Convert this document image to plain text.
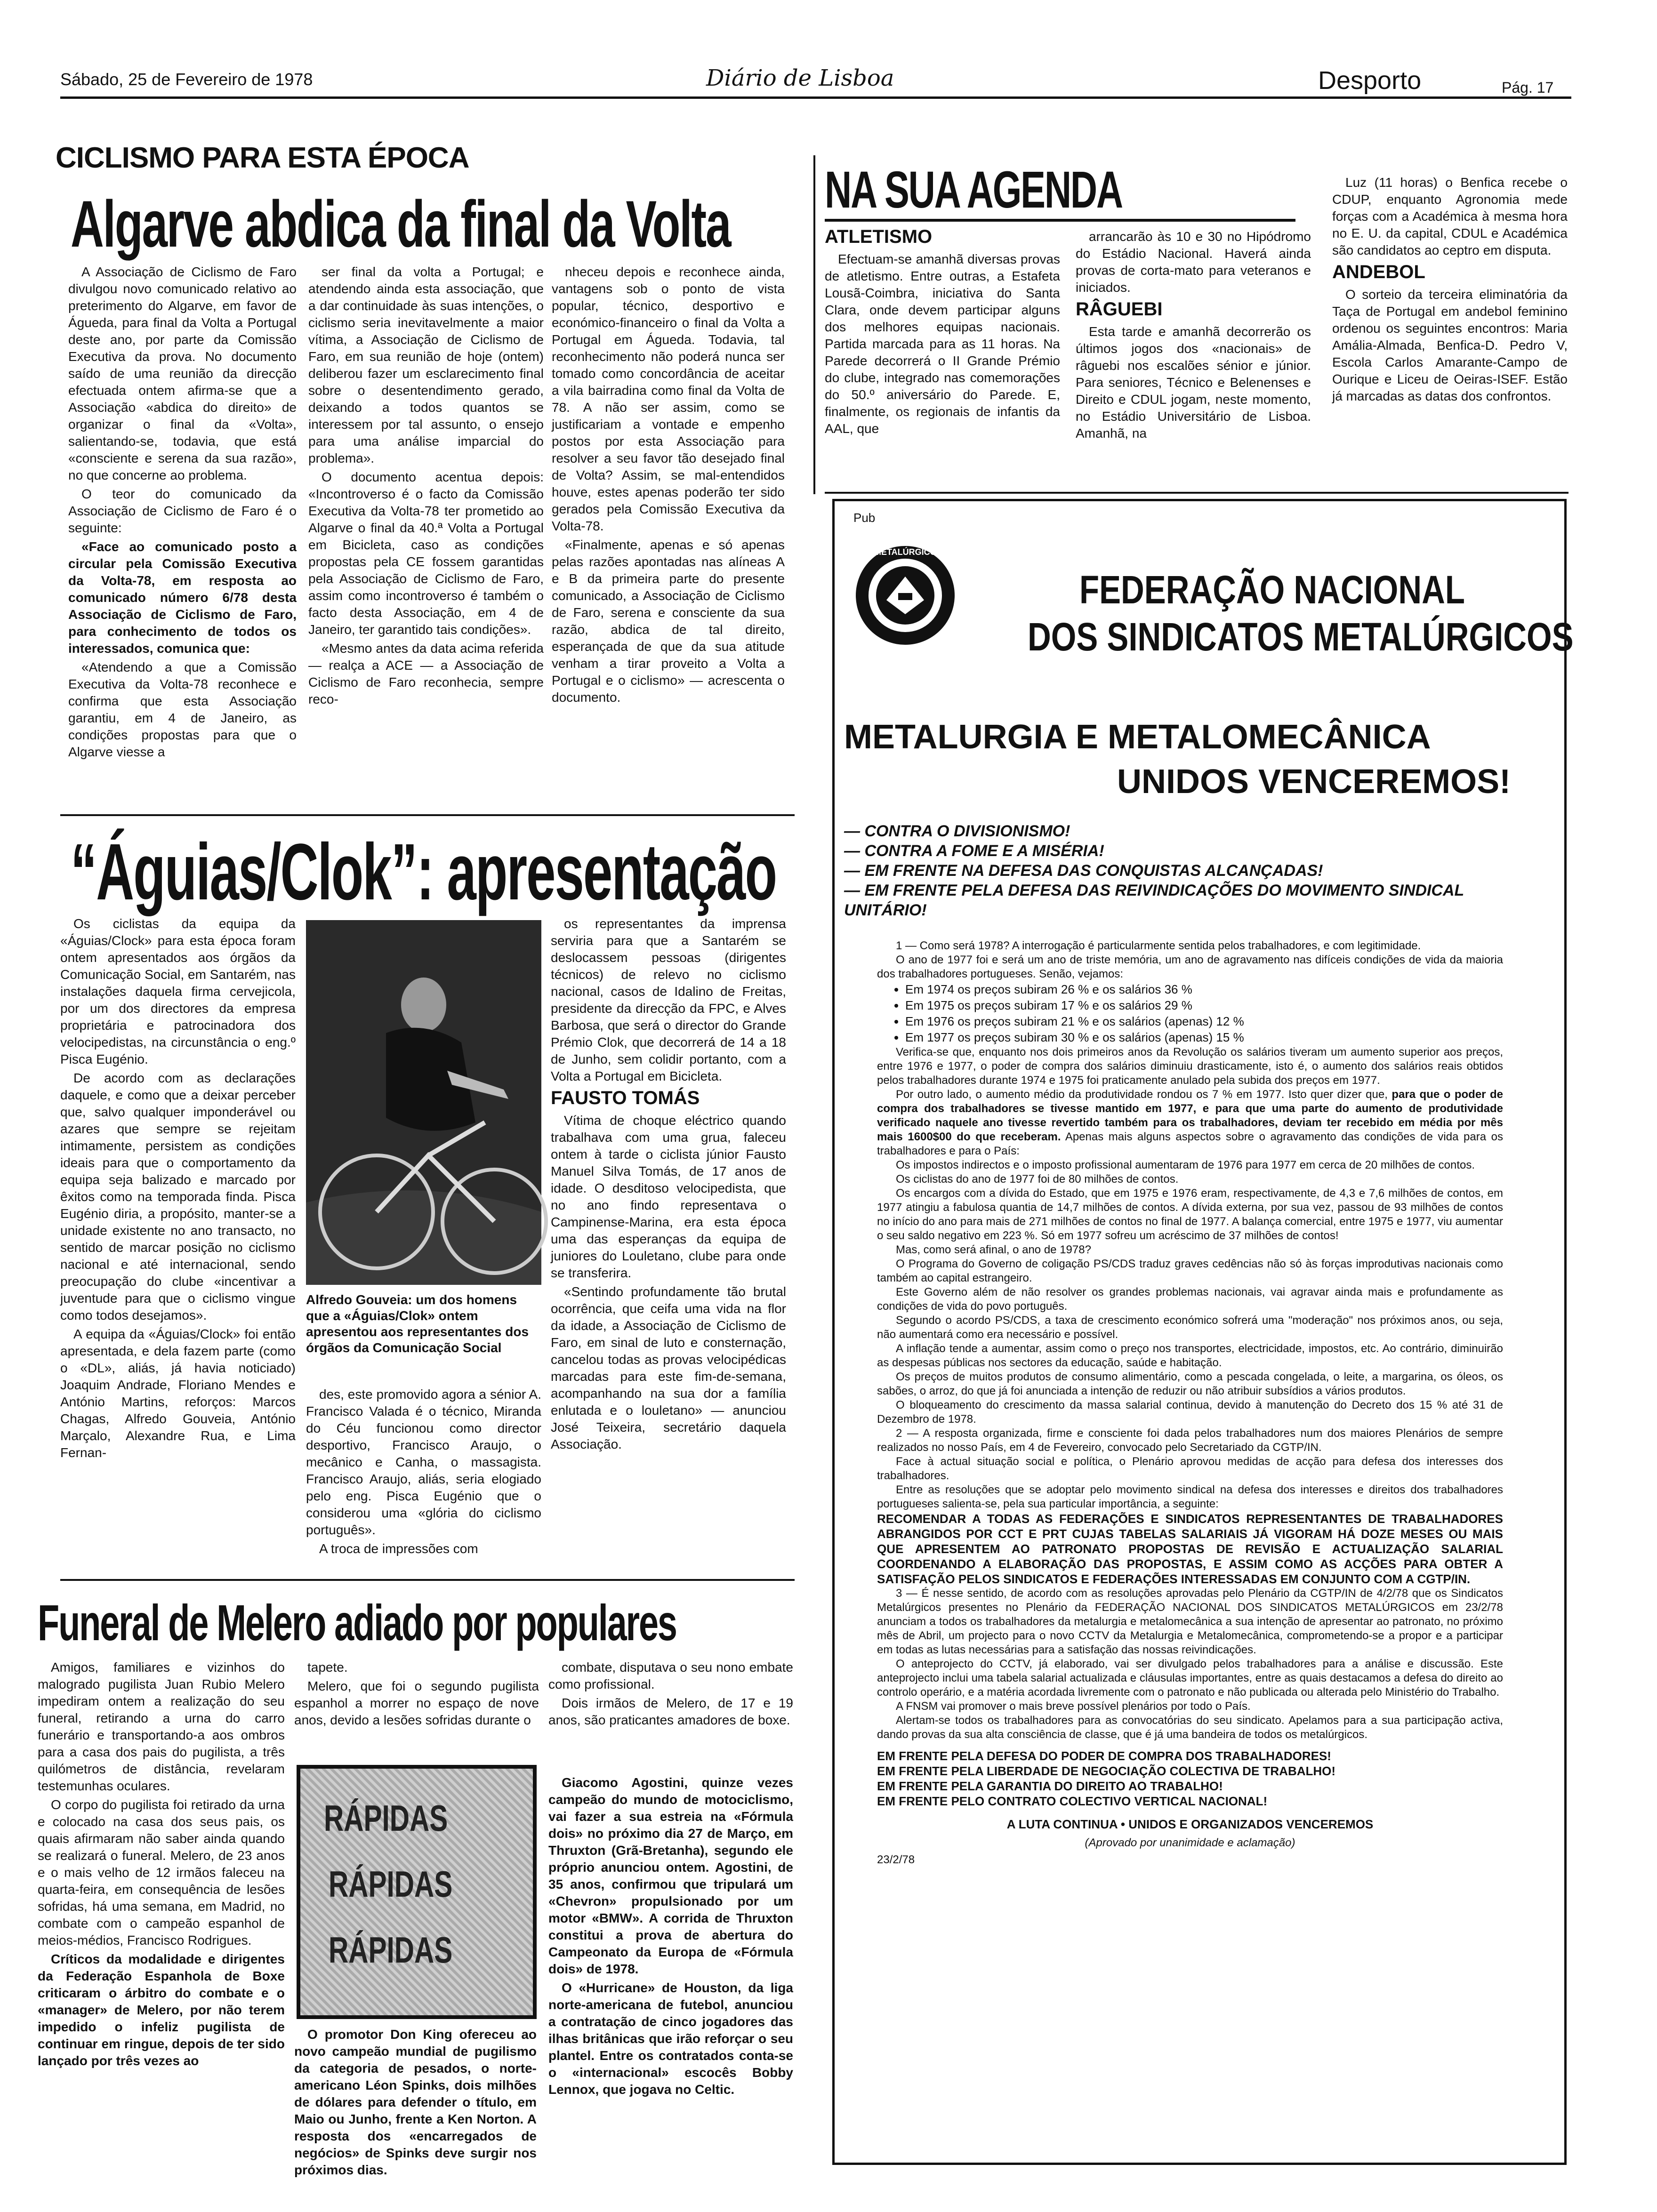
Sábado, 25 de Fevereiro de 1978	Diário de Lisboa	Desporto	Pág. 17
CICLISMO PARA ESTA ÉPOCA
Algarve abdica da final da Volta

A Associação de Ciclismo de Faro divulgou novo comunicado relativo ao preterimento do Algarve, em favor de Águeda, para final da Volta a Portugal deste ano, por parte da Comissão Executiva da prova. No documento saído de uma reunião da direcção efectuada ontem afirma-se que a Associação «abdica do direito» de organizar o final da «Volta», salientando-se, todavia, que está «consciente e serena da sua razão», no que concerne ao problema.

O teor do comunicado da Associação de Ciclismo de Faro é o seguinte:

«Face ao comunicado posto a circular pela Comissão Executiva da Volta-78, em resposta ao comunicado número 6/78 desta Associação de Ciclismo de Faro, para conhecimento de todos os interessados, comunica que:

«Atendendo a que a Comissão Executiva da Volta-78 reconhece e confirma que esta Associação garantiu, em 4 de Janeiro, as condições propostas para que o Algarve viesse a

ser final da volta a Portugal; e atendendo ainda esta associação, que a dar continuidade às suas intenções, o ciclismo seria inevitavelmente a maior vítima, a Associação de Ciclismo de Faro, em sua reunião de hoje (ontem) deliberou fazer um esclarecimento final sobre o desentendimento gerado, deixando a todos quantos se interessem por tal assunto, o ensejo para uma análise imparcial do problema».

O documento acentua depois: «Incontroverso é o facto da Comissão Executiva da Volta-78 ter prometido ao Algarve o final da 40.ª Volta a Portugal em Bicicleta, caso as condições propostas pela CE fossem garantidas pela Associação de Ciclismo de Faro, assim como incontroverso é também o facto desta Associação, em 4 de Janeiro, ter garantido tais condições».

«Mesmo antes da data acima referida — realça a ACE — a Associação de Ciclismo de Faro reconhecia, sempre reco-

nheceu depois e reconhece ainda, vantagens sob o ponto de vista popular, técnico, desportivo e económico-financeiro o final da Volta a Portugal em Águeda. Todavia, tal reconhecimento não poderá nunca ser tomado como concordância de aceitar a vila bairradina como final da Volta de 78. A não ser assim, como se justificariam a vontade e empenho postos por esta Associação para resolver a seu favor tão desejado final de Volta? Assim, se mal-entendidos houve, estes apenas poderão ter sido gerados pela Comissão Executiva da Volta-78.

«Finalmente, apenas e só apenas pelas razões apontadas nas alíneas A e B da primeira parte do presente comunicado, a Associação de Ciclismo de Faro, serena e consciente da sua razão, abdica de tal direito, esperançada de que da sua atitude venham a tirar proveito a Volta a Portugal e o ciclismo» — acrescenta o documento.

NA SUA AGENDA
ATLETISMO

Efectuam-se amanhã diversas provas de atletismo. Entre outras, a Estafeta Lousã-Coimbra, iniciativa do Santa Clara, onde devem participar alguns dos melhores equipas nacionais. Partida marcada para as 11 horas. Na Parede decorrerá o II Grande Prémio do clube, integrado nas comemorações do 50.º aniversário do Parede. E, finalmente, os regionais de infantis da AAL, que

arrancarão às 10 e 30 no Hipódromo do Estádio Nacional. Haverá ainda provas de corta-mato para veteranos e iniciados.

RÂGUEBI

Esta tarde e amanhã decorrerão os últimos jogos dos «nacionais» de râguebi nos escalões sénior e júnior. Para seniores, Técnico e Belenenses e Direito e CDUL jogam, neste momento, no Estádio Universitário de Lisboa. Amanhã, na

Luz (11 horas) o Benfica recebe o CDUP, enquanto Agronomia mede forças com a Académica à mesma hora no E. U. da capital, CDUL e Académica são candidatos ao ceptro em disputa.

ANDEBOL

O sorteio da terceira eliminatória da Taça de Portugal em andebol feminino ordenou os seguintes encontros: Maria Amália-Almada, Benfica-D. Pedro V, Escola Carlos Amarante-Campo de Ourique e Liceu de Oeiras-ISEF. Estão já marcadas as datas dos confrontos.

“Águias/Clok”: apresentação

Os ciclistas da equipa da «Águias/Clock» para esta época foram ontem apresentados aos órgãos da Comunicação Social, em Santarém, nas instalações daquela firma cervejicola, por um dos directores da empresa proprietária e patrocinadora dos velocipedistas, na circunstância o eng.º Pisca Eugénio.

De acordo com as declarações daquele, e como que a deixar perceber que, salvo qualquer imponderável ou azares que sempre se rejeitam intimamente, persistem as condições ideais para que o comportamento da equipa seja balizado e marcado por êxitos como na temporada finda. Pisca Eugénio diria, a propósito, manter-se a unidade existente no ano transacto, no sentido de marcar posição no ciclismo nacional e até internacional, sendo preocupação do clube «incentivar a juventude para que o ciclismo vingue como todos desejamos».

A equipa da «Águias/Clock» foi então apresentada, e dela fazem parte (como o «DL», aliás, já havia noticiado) Joaquim Andrade, Floriano Mendes e António Martins, reforços: Marcos Chagas, Alfredo Gouveia, António Marçalo, Alexandre Rua, e Lima Fernan-

Alfredo Gouveia: um dos homens que a «Águias/Clok» ontem apresentou aos representantes dos órgãos da Comunicação Social

des, este promovido agora a sénior A. Francisco Valada é o técnico, Miranda do Céu funcionou como director desportivo, Francisco Araujo, o mecânico e Canha, o massagista. Francisco Araujo, aliás, seria elogiado pelo eng. Pisca Eugénio que o considerou uma «glória do ciclismo português».

A troca de impressões com

os representantes da imprensa serviria para que a Santarém se deslocassem pessoas (dirigentes técnicos) de relevo no ciclismo nacional, casos de Idalino de Freitas, presidente da direcção da FPC, e Alves Barbosa, que será o director do Grande Prémio Clok, que decorrerá de 14 a 18 de Junho, sem colidir portanto, com a Volta a Portugal em Bicicleta.

FAUSTO TOMÁS

Vítima de choque eléctrico quando trabalhava com uma grua, faleceu ontem à tarde o ciclista júnior Fausto Manuel Silva Tomás, de 17 anos de idade. O desditoso velocipedista, que no ano findo representava o Campinense-Marina, era esta época uma das esperanças da equipa de juniores do Louletano, clube para onde se transferira.

«Sentindo profundamente tão brutal ocorrência, que ceifa uma vida na flor da idade, a Associação de Ciclismo de Faro, em sinal de luto e consternação, cancelou todas as provas velocipédicas marcadas para este fim-de-semana, acompanhando na sua dor a família enlutada e o louletano» — anunciou José Teixeira, secretário daquela Associação.

Funeral de Melero adiado por populares

Amigos, familiares e vizinhos do malogrado pugilista Juan Rubio Melero impediram ontem a realização do seu funeral, retirando a urna do carro funerário e transportando-a aos ombros para a casa dos pais do pugilista, a três quilómetros de distância, revelaram testemunhas oculares.

O corpo do pugilista foi retirado da urna e colocado na casa dos seus pais, os quais afirmaram não saber ainda quando se realizará o funeral. Melero, de 23 anos e o mais velho de 12 irmãos faleceu na quarta-feira, em consequência de lesões sofridas, há uma semana, em Madrid, no combate com o campeão espanhol de meios-médios, Francisco Rodrigues.

Críticos da modalidade e dirigentes da Federação Espanhola de Boxe criticaram o árbitro do combate e o «manager» de Melero, por não terem impedido o infeliz pugilista de continuar em ringue, depois de ter sido lançado por três vezes ao

tapete.

Melero, que foi o segundo pugilista espanhol a morrer no espaço de nove anos, devido a lesões sofridas durante o

combate, disputava o seu nono embate como profissional.

Dois irmãos de Melero, de 17 e 19 anos, são praticantes amadores de boxe.

RÁPIDAS
RÁPIDAS
RÁPIDAS

O promotor Don King ofereceu ao novo campeão mundial de pugilismo da categoria de pesados, o norte-americano Léon Spinks, dois milhões de dólares para defender o título, em Maio ou Junho, frente a Ken Norton. A resposta dos «encarregados de negócios» de Spinks deve surgir nos próximos dias.

Giacomo Agostini, quinze vezes campeão do mundo de motociclismo, vai fazer a sua estreia na «Fórmula dois» no próximo dia 27 de Março, em Thruxton (Grã-Bretanha), segundo ele próprio anunciou ontem. Agostini, de 35 anos, confirmou que tripulará um «Chevron» propulsionado por um motor «BMW». A corrida de Thruxton constitui a prova de abertura do Campeonato da Europa de «Fórmula dois» de 1978.

O «Hurricane» de Houston, da liga norte-americana de futebol, anunciou a contratação de cinco jogadores das ilhas britânicas que irão reforçar o seu plantel. Entre os contratados conta-se o «internacional» escocês Bobby Lennox, que jogava no Celtic.

Pub
METALÚRGICOS
FEDERAÇÃO NACIONAL
DOS SINDICATOS METALÚRGICOS
METALURGIA E METALOMECÂNICA
UNIDOS VENCEREMOS!

— CONTRA O DIVISIONISMO!

— CONTRA A FOME E A MISÉRIA!

— EM FRENTE NA DEFESA DAS CONQUISTAS ALCANÇADAS!

— EM FRENTE PELA DEFESA DAS REIVINDICAÇÕES DO MOVIMENTO SINDICAL UNITÁRIO!

1 — Como será 1978? A interrogação é particularmente sentida pelos trabalhadores, e com legitimidade.

O ano de 1977 foi e será um ano de triste memória, um ano de agravamento nas difíceis condições de vida da maioria dos trabalhadores portugueses. Senão, vejamos:

• Em 1974 os preços subiram 26 % e os salários 36 %
• Em 1975 os preços subiram 17 % e os salários 29 %
• Em 1976 os preços subiram 21 % e os salários (apenas) 12 %
• Em 1977 os preços subiram 30 % e os salários (apenas) 15 %

Verifica-se que, enquanto nos dois primeiros anos da Revolução os salários tiveram um aumento superior aos preços, entre 1976 e 1977, o poder de compra dos salários diminuiu drasticamente, isto é, o aumento dos salários reais obtidos pelos trabalhadores durante 1974 e 1975 foi praticamente anulado pela subida dos preços em 1977.

Por outro lado, o aumento médio da produtividade rondou os 7 % em 1977. Isto quer dizer que, para que o poder de compra dos trabalhadores se tivesse mantido em 1977, e para que uma parte do aumento de produtividade verificado naquele ano tivesse revertido também para os trabalhadores, deviam ter recebido em média por mês mais 1600$00 do que receberam. Apenas mais alguns aspectos sobre o agravamento das condições de vida para os trabalhadores e para o País:

Os impostos indirectos e o imposto profissional aumentaram de 1976 para 1977 em cerca de 20 milhões de contos.

Os ciclistas do ano de 1977 foi de 80 milhões de contos.

Os encargos com a dívida do Estado, que em 1975 e 1976 eram, respectivamente, de 4,3 e 7,6 milhões de contos, em 1977 atingiu a fabulosa quantia de 14,7 milhões de contos. A dívida externa, por sua vez, passou de 93 milhões de contos no início do ano para mais de 271 milhões de contos no final de 1977. A balança comercial, entre 1975 e 1977, viu aumentar o seu saldo negativo em 223 %. Só em 1977 sofreu um acréscimo de 37 milhões de contos!

Mas, como será afinal, o ano de 1978?

O Programa do Governo de coligação PS/CDS traduz graves cedências não só às forças improdutivas nacionais como também ao capital estrangeiro.

Este Governo além de não resolver os grandes problemas nacionais, vai agravar ainda mais e profundamente as condições de vida do povo português.

Segundo o acordo PS/CDS, a taxa de crescimento económico sofrerá uma "moderação" nos próximos anos, ou seja, não aumentará como era necessário e possível.

A inflação tende a aumentar, assim como o preço nos transportes, electricidade, impostos, etc. Ao contrário, diminuirão as despesas públicas nos sectores da educação, saúde e habitação.

Os preços de muitos produtos de consumo alimentário, como a pescada congelada, o leite, a margarina, os óleos, os sabões, o arroz, do que já foi anunciada a intenção de reduzir ou não atribuir subsídios a vários produtos.

O bloqueamento do crescimento da massa salarial continua, devido à manutenção do Decreto dos 15 % até 31 de Dezembro de 1978.

2 — A resposta organizada, firme e consciente foi dada pelos trabalhadores num dos maiores Plenários de sempre realizados no nosso País, em 4 de Fevereiro, convocado pelo Secretariado da CGTP/IN.

Face à actual situação social e política, o Plenário aprovou medidas de acção para defesa dos interesses dos trabalhadores.

Entre as resoluções que se adoptar pelo movimento sindical na defesa dos interesses e direitos dos trabalhadores portugueses salienta-se, pela sua particular importância, a seguinte:

RECOMENDAR A TODAS AS FEDERAÇÕES E SINDICATOS REPRESENTANTES DE TRABALHADORES ABRANGIDOS POR CCT E PRT CUJAS TABELAS SALARIAIS JÁ VIGORAM HÁ DOZE MESES OU MAIS QUE APRESENTEM AO PATRONATO PROPOSTAS DE REVISÃO E ACTUALIZAÇÃO SALARIAL COORDENANDO A ELABORAÇÃO DAS PROPOSTAS, E ASSIM COMO AS ACÇÕES PARA OBTER A SATISFAÇÃO PELOS SINDICATOS E FEDERAÇÕES INTERESSADAS EM CONJUNTO COM A CGTP/IN.

3 — É nesse sentido, de acordo com as resoluções aprovadas pelo Plenário da CGTP/IN de 4/2/78 que os Sindicatos Metalúrgicos presentes no Plenário da FEDERAÇÃO NACIONAL DOS SINDICATOS METALÚRGICOS em 23/2/78 anunciam a todos os trabalhadores da metalurgia e metalomecânica a sua intenção de apresentar ao patronato, no próximo mês de Abril, um projecto para o novo CCTV da Metalurgia e Metalomecânica, comprometendo-se a propor e a participar em todas as lutas necessárias para a satisfação das nossas reivindicações.

O anteprojecto do CCTV, já elaborado, vai ser divulgado pelos trabalhadores para a análise e discussão. Este anteprojecto inclui uma tabela salarial actualizada e cláusulas importantes, entre as quais destacamos a defesa do direito ao controlo operário, e a matéria acordada livremente com o patronato e não publicada ou alterada pelo Ministério do Trabalho.

A FNSM vai promover o mais breve possível plenários por todo o País.

Alertam-se todos os trabalhadores para as convocatórias do seu sindicato. Apelamos para a sua participação activa, dando provas da sua alta consciência de classe, que é já uma bandeira de todos os metalúrgicos.

EM FRENTE PELA DEFESA DO PODER DE COMPRA DOS TRABALHADORES!

EM FRENTE PELA LIBERDADE DE NEGOCIAÇÃO COLECTIVA DE TRABALHO!

EM FRENTE PELA GARANTIA DO DIREITO AO TRABALHO!

EM FRENTE PELO CONTRATO COLECTIVO VERTICAL NACIONAL!

A LUTA CONTINUA • UNIDOS E ORGANIZADOS VENCEREMOS

(Aprovado por unanimidade e aclamação)

23/2/78
